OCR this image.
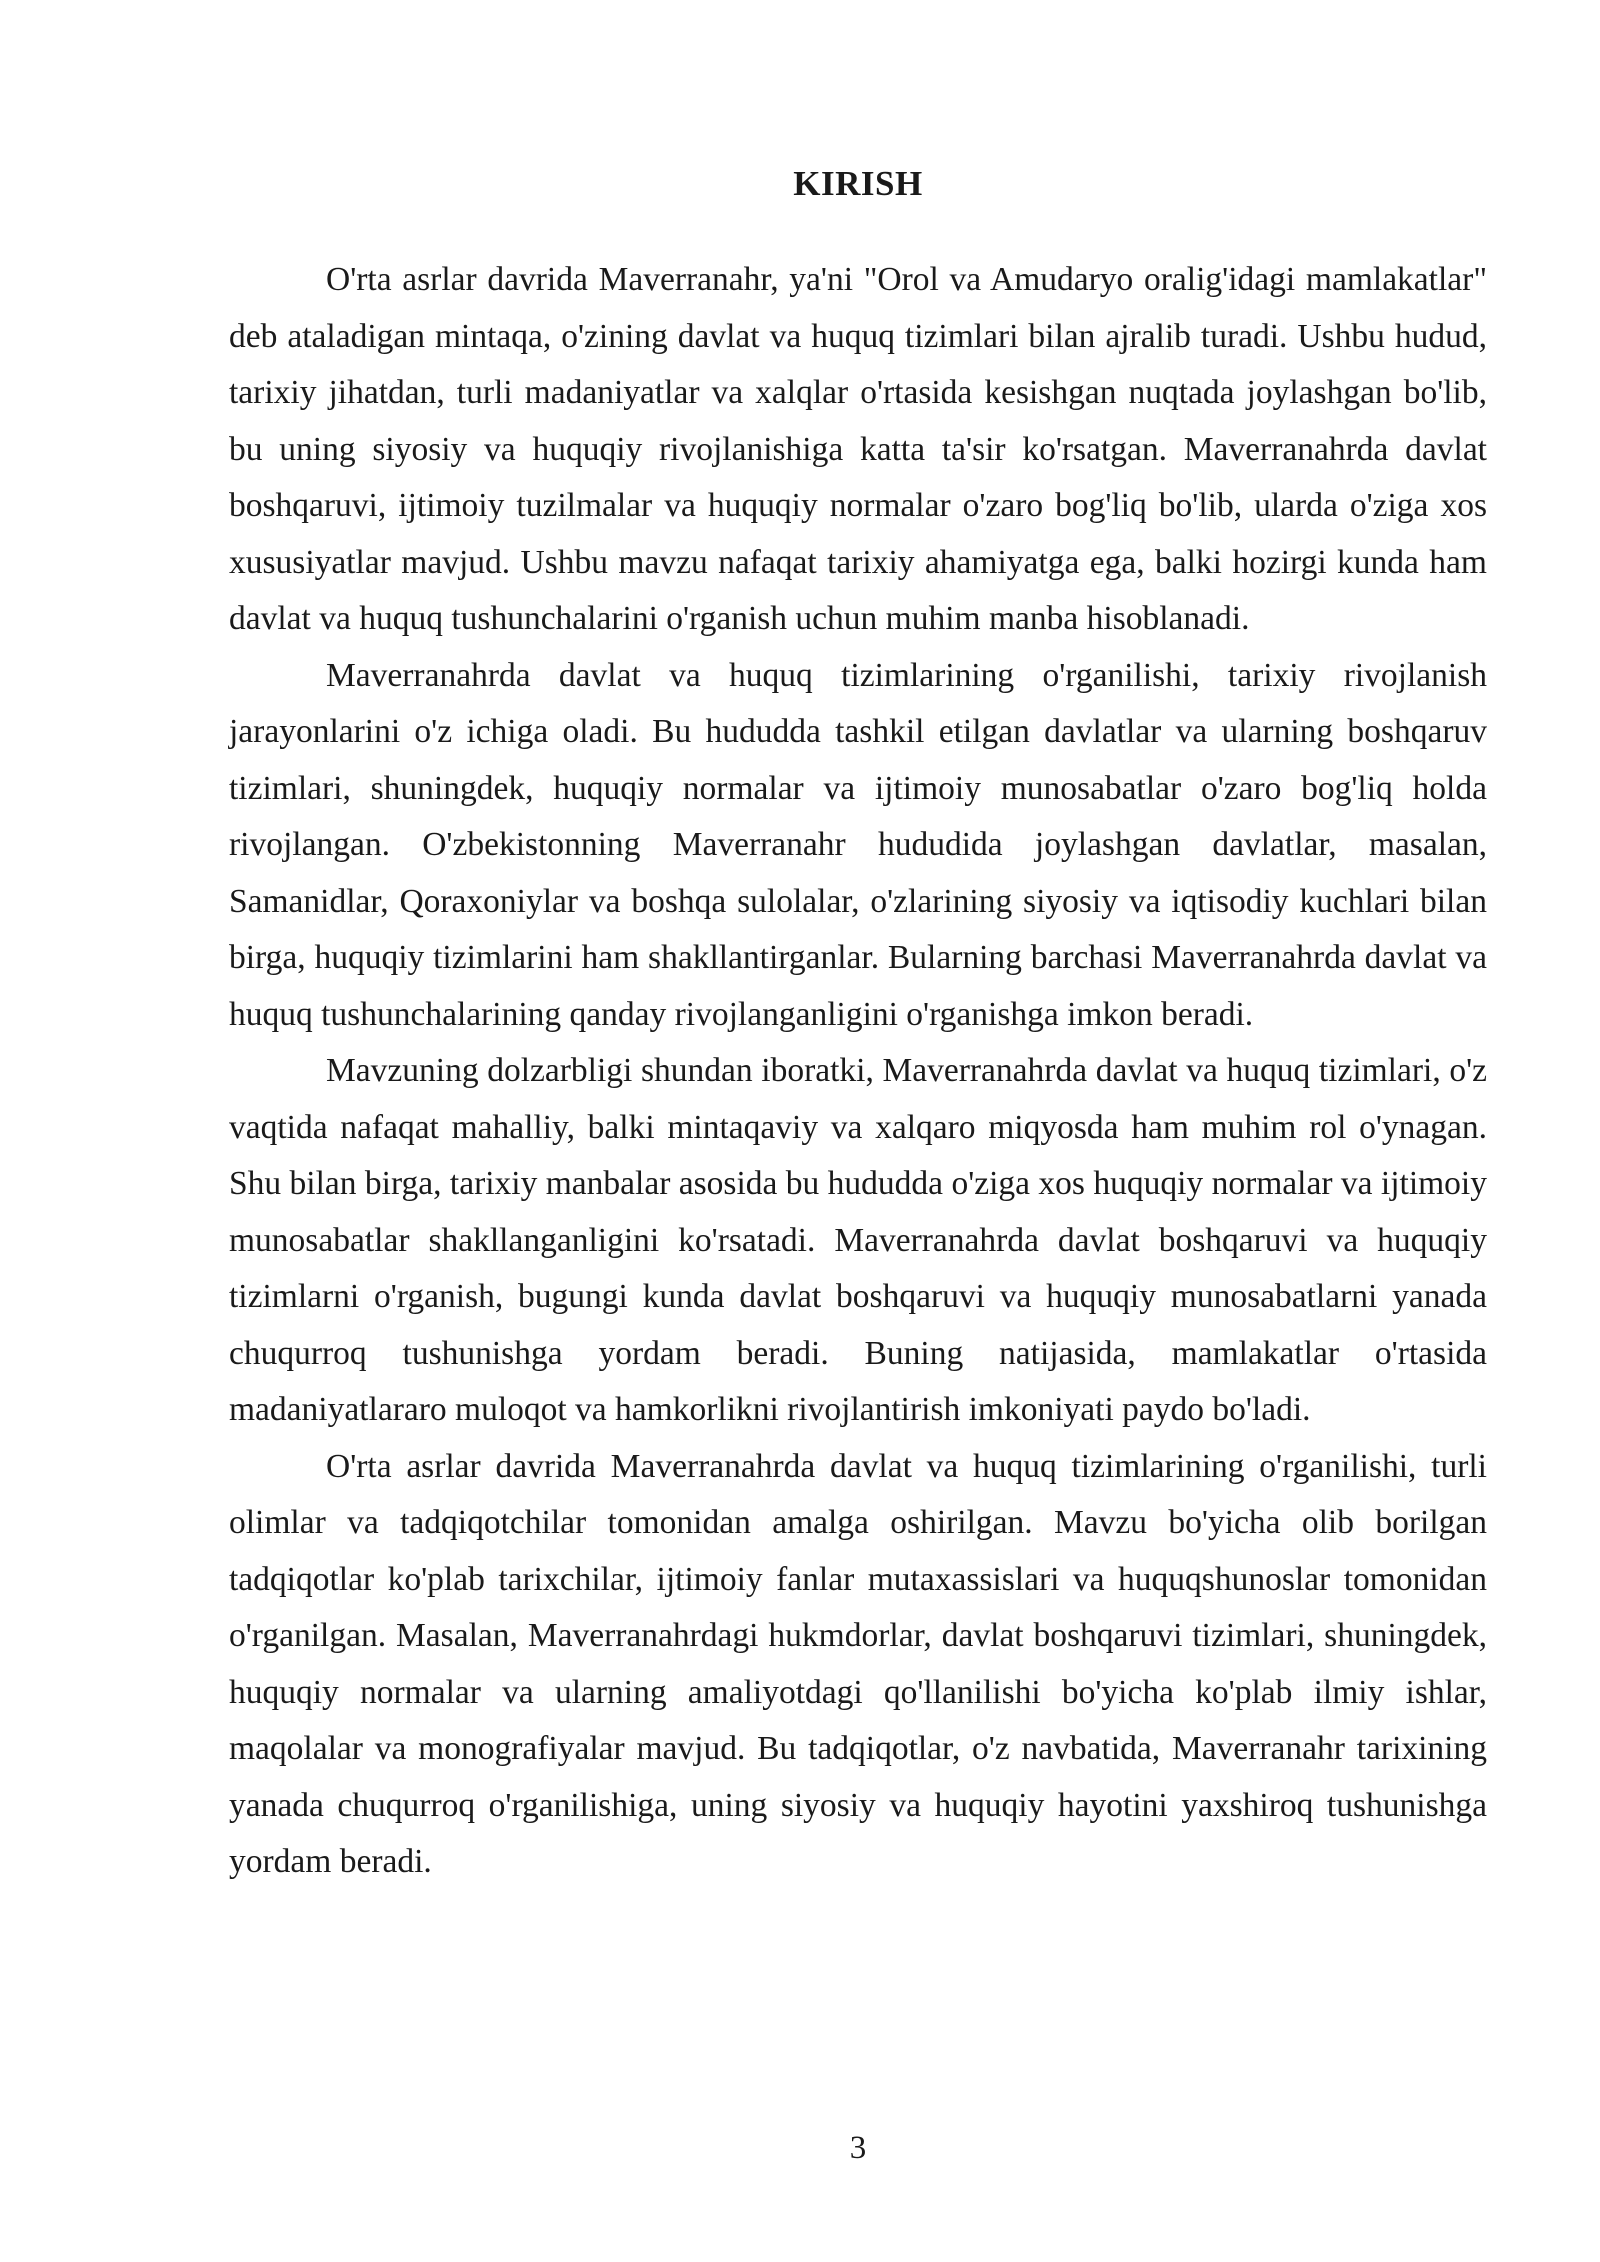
KIRISH

O'rta asrlar davrida Maverranahr, ya'ni "Orol va Amudaryo oralig'idagi mamlakatlar" deb ataladigan mintaqa, o'zining davlat va huquq tizimlari bilan ajralib turadi. Ushbu hudud, tarixiy jihatdan, turli madaniyatlar va xalqlar o'rtasida kesishgan nuqtada joylashgan bo'lib, bu uning siyosiy va huquqiy rivojlanishiga katta ta'sir ko'rsatgan. Maverranahrda davlat boshqaruvi, ijtimoiy tuzilmalar va huquqiy normalar o'zaro bog'liq bo'lib, ularda o'ziga xos xususiyatlar mavjud. Ushbu mavzu nafaqat tarixiy ahamiyatga ega, balki hozirgi kunda ham davlat va huquq tushunchalarini o'rganish uchun muhim manba hisoblanadi.

Maverranahrda davlat va huquq tizimlarining o'rganilishi, tarixiy rivojlanish jarayonlarini o'z ichiga oladi. Bu hududda tashkil etilgan davlatlar va ularning boshqaruv tizimlari, shuningdek, huquqiy normalar va ijtimoiy munosabatlar o'zaro bog'liq holda rivojlangan. O'zbekistonning Maverranahr hududida joylashgan davlatlar, masalan, Samanidlar, Qoraxoniylar va boshqa sulolalar, o'zlarining siyosiy va iqtisodiy kuchlari bilan birga, huquqiy tizimlarini ham shakllantirganlar. Bularning barchasi Maverranahrda davlat va huquq tushunchalarining qanday rivojlanganligini o'rganishga imkon beradi.

Mavzuning dolzarbligi shundan iboratki, Maverranahrda davlat va huquq tizimlari, o'z vaqtida nafaqat mahalliy, balki mintaqaviy va xalqaro miqyosda ham muhim rol o'ynagan. Shu bilan birga, tarixiy manbalar asosida bu hududda o'ziga xos huquqiy normalar va ijtimoiy munosabatlar shakllanganligini ko'rsatadi. Maverranahrda davlat boshqaruvi va huquqiy tizimlarni o'rganish, bugungi kunda davlat boshqaruvi va huquqiy munosabatlarni yanada chuqurroq tushunishga yordam beradi. Buning natijasida, mamlakatlar o'rtasida madaniyatlararo muloqot va hamkorlikni rivojlantirish imkoniyati paydo bo'ladi.

O'rta asrlar davrida Maverranahrda davlat va huquq tizimlarining o'rganilishi, turli olimlar va tadqiqotchilar tomonidan amalga oshirilgan. Mavzu bo'yicha olib borilgan tadqiqotlar ko'plab tarixchilar, ijtimoiy fanlar mutaxassislari va huquqshunoslar tomonidan o'rganilgan. Masalan, Maverranahrdagi hukmdorlar, davlat boshqaruvi tizimlari, shuningdek, huquqiy normalar va ularning amaliyotdagi qo'llanilishi bo'yicha ko'plab ilmiy ishlar, maqolalar va monografiyalar mavjud. Bu tadqiqotlar, o'z navbatida, Maverranahr tarixining yanada chuqurroq o'rganilishiga, uning siyosiy va huquqiy hayotini yaxshiroq tushunishga yordam beradi.

3
